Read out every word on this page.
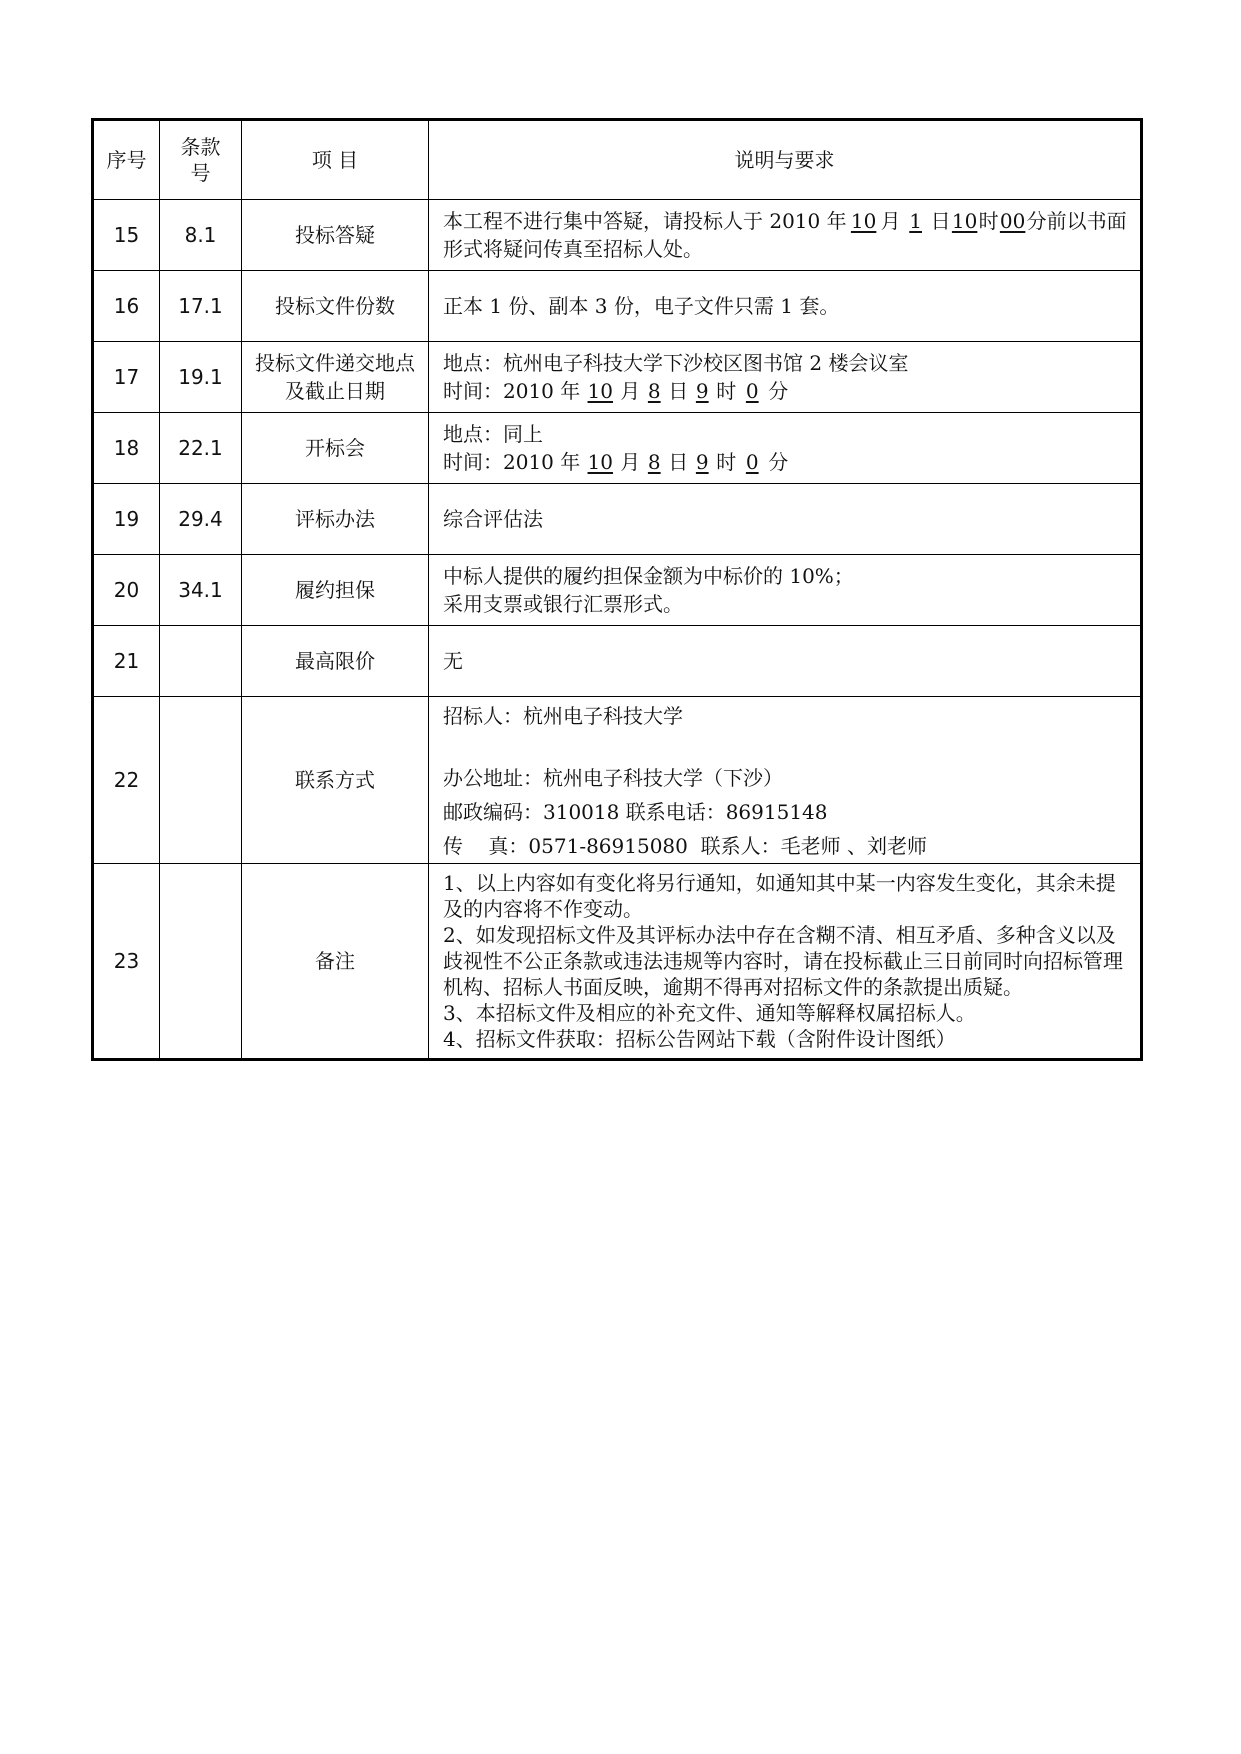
序号	条款号	项 目	说明与要求
15	8.1	投标答疑	本工程不进行集中答疑，请投标人于 2010 年 10 月 1 日10时00分前以书面形式将疑问传真至招标人处。

16	17.1	投标文件份数	正本 1 份、副本 3 份，电子文件只需 1 套。
17	19.1	投标文件递交地点及截止日期	地点：杭州电子科技大学下沙校区图书馆 2 楼会议室
时间：2010 年 10 月 8 日 9 时 0 分

18	22.1	开标会	地点：同上
时间：2010 年 10 月 8 日 9 时 0 分

19	29.4	评标办法	综合评估法
20	34.1	履约担保	中标人提供的履约担保金额为中标价的 10%；
采用支票或银行汇票形式。

21		最高限价	无
22		联系方式	招标人：杭州电子科技大学
办公地址：杭州电子科技大学（下沙）
邮政编码：310018 联系电话：86915148
传    真：0571-86915080  联系人：毛老师 、刘老师

23		备注	1、以上内容如有变化将另行通知，如通知其中某一内容发生变化，其余未提及的内容将不作变动。
2、如发现招标文件及其评标办法中存在含糊不清、相互矛盾、多种含义以及歧视性不公正条款或违法违规等内容时，请在投标截止三日前同时向招标管理机构、招标人书面反映，逾期不得再对招标文件的条款提出质疑。
3、本招标文件及相应的补充文件、通知等解释权属招标人。
4、招标文件获取：招标公告网站下载（含附件设计图纸）
